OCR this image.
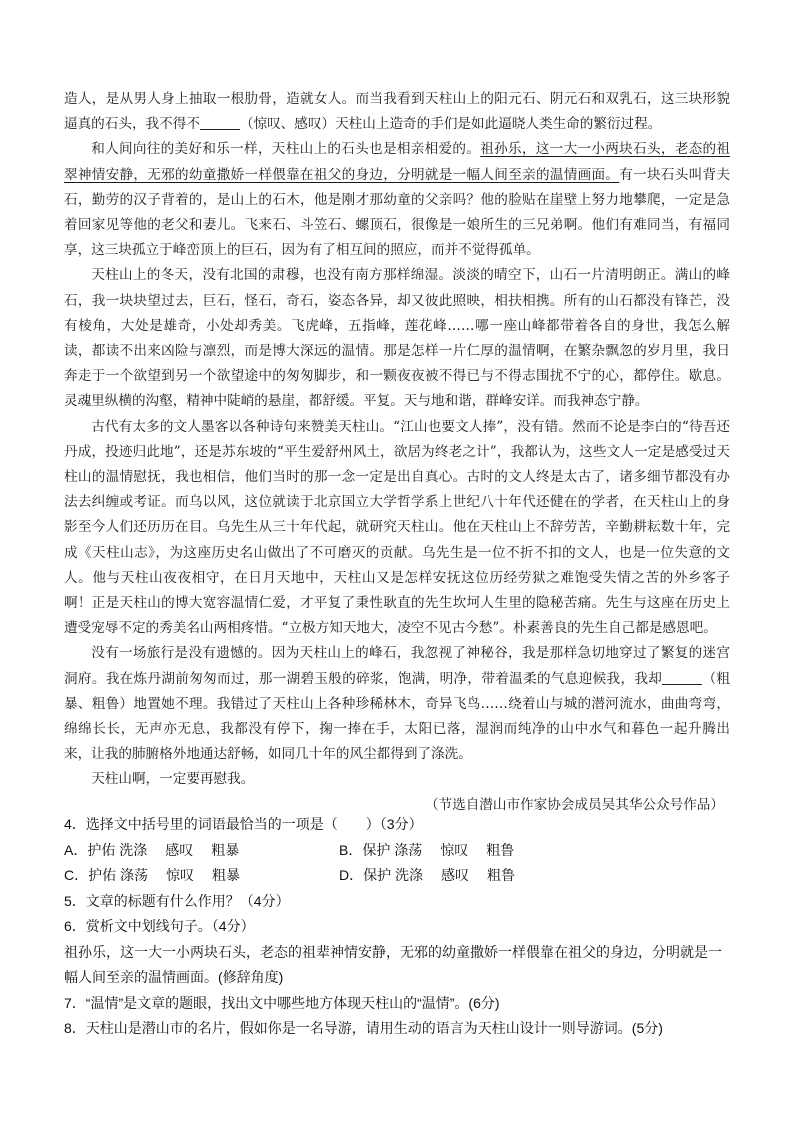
造人，是从男人身上抽取一根肋骨，造就女人。而当我看到天柱山上的阳元石、阴元石和双乳石，这三块形貌逼真的石头，我不得不	（惊叹、感叹）天柱山上造奇的手们是如此逼晓人类生命的繁衍过程。

和人间向往的美好和乐一样，天柱山上的石头也是相亲相爱的。祖孙乐，这一大一小两块石头，老态的祖翠神情安静，无邪的幼童撒娇一样偎靠在祖父的身边，分明就是一幅人间至亲的温情画面。有一块石头叫背夫石，勤劳的汉子背着的，是山上的石木，他是刚才那幼童的父亲吗？他的脸贴在崖壁上努力地攀爬，一定是急着回家见等他的老父和妻儿。飞来石、斗笠石、螺顶石，很像是一娘所生的三兄弟啊。他们有难同当，有福同享，这三块孤立于峰峦顶上的巨石，因为有了相互间的照应，而并不觉得孤单。

天柱山上的冬天，没有北国的肃穆，也没有南方那样绵湿。淡淡的晴空下，山石一片清明朗正。满山的峰石，我一块块望过去，巨石，怪石，奇石，姿态各异，却又彼此照映，相扶相携。所有的山石都没有锋芒，没有棱角，大处是雄奇，小处却秀美。飞虎峰，五指峰，莲花峰……哪一座山峰都带着各自的身世，我怎么解读，都读不出来凶险与凛烈，而是博大深远的温情。那是怎样一片仁厚的温情啊，在繁杂飘忽的岁月里，我日奔走于一个欲望到另一个欲望途中的匆匆脚步，和一颗夜夜被不得已与不得志围扰不宁的心，都停住。歇息。灵魂里纵横的沟壑，精神中陡峭的悬崖，都舒缓。平复。天与地和谐，群峰安详。而我神态宁静。

古代有太多的文人墨客以各种诗句来赞美天柱山。“江山也要文人捧”，没有错。然而不论是李白的“待吾还丹成，投迹归此地”，还是苏东坡的“平生爱舒州风土，欲居为终老之计”，我都认为，这些文人一定是感受过天柱山的温情慰抚，我也相信，他们当时的那一念一定是出自真心。古时的文人终是太古了，诸多细节都没有办法去纠缠或考证。而乌以风，这位就读于北京国立大学哲学系上世纪八十年代还健在的学者，在天柱山上的身影至今人们还历历在目。乌先生从三十年代起，就研究天柱山。他在天柱山上不辞劳苦，辛勤耕耘数十年，完成《天柱山志》，为这座历史名山做出了不可磨灭的贡献。乌先生是一位不折不扣的文人，也是一位失意的文人。他与天柱山夜夜相守，在日月天地中，天柱山又是怎样安抚这位历经劳狱之难饱受失情之苦的外乡客子啊！正是天柱山的博大宽容温情仁爱，才平复了秉性耿直的先生坎坷人生里的隐秘苦痛。先生与这座在历史上遭受宠辱不定的秀美名山两相疼惜。“立极方知天地大，凌空不见古今愁”。朴素善良的先生自己都是感恩吧。

没有一场旅行是没有遗憾的。因为天柱山上的峰石，我忽视了神秘谷，我是那样急切地穿过了繁复的迷宫洞府。我在炼丹湖前匆匆而过，那一湖碧玉般的碎浆，饱满，明净，带着温柔的气息迎候我，我却	（粗暴、粗鲁）地置她不理。我错过了天柱山上各种珍稀林木，奇异飞鸟……绕着山与城的潜河流水，曲曲弯弯，绵绵长长，无声亦无息，我都没有停下，掬一捧在手，太阳已落，湿润而纯净的山中水气和暮色一起升腾出来，让我的肺腑格外地通达舒畅，如同几十年的风尘都得到了涤洗。

天柱山啊，一定要再慰我。

（节选自潜山市作家协会成员吴其华公众号作品）

4．选择文中括号里的词语最恰当的一项是（　　）（3分）

A．护佑 洗涤 感叹 粗暴	B．保护 涤荡 惊叹 粗鲁
C．护佑 涤荡 惊叹 粗暴	D．保护 洗涤 感叹 粗鲁

5．文章的标题有什么作用？（4分）

6．赏析文中划线句子。（4分）

祖孙乐，这一大一小两块石头，老态的祖辈神情安静，无邪的幼童撒娇一样偎靠在祖父的身边，分明就是一幅人间至亲的温情画面。(修辞角度)

7．“温情”是文章的题眼，找出文中哪些地方体现天柱山的“温情”。(6分)

8．天柱山是潜山市的名片，假如你是一名导游，请用生动的语言为天柱山设计一则导游词。(5分)
